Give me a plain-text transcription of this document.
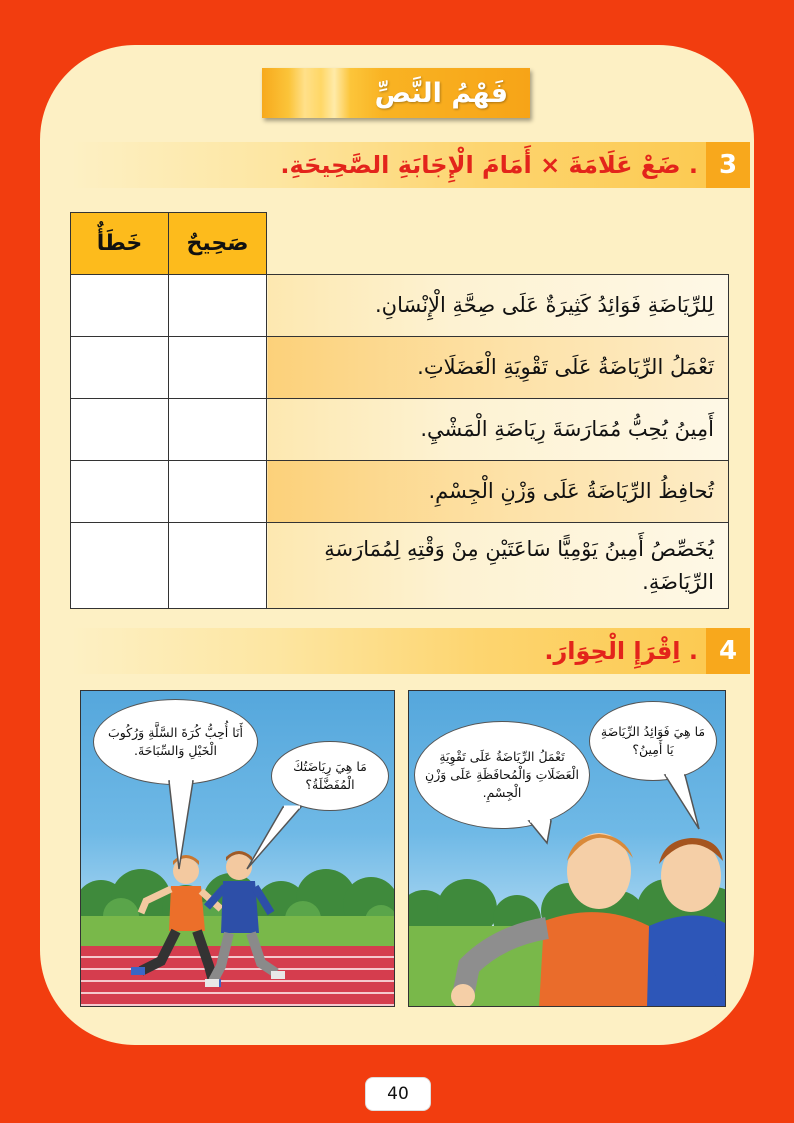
فَهْمُ النَّصِّ
. ضَعْ عَلَامَةَ × أَمَامَ الْإِجَابَةِ الصَّحِيحَةِ. 3
خَطَأٌ	صَحِيحٌ	
		لِلرِّيَاضَةِ فَوَائِدُ كَثِيرَةٌ عَلَى صِحَّةِ الْإِنْسَانِ.
		تَعْمَلُ الرِّيَاضَةُ عَلَى تَقْوِيَةِ الْعَضَلَاتِ.
		أَمِينُ يُحِبُّ مُمَارَسَةَ رِيَاضَةِ الْمَشْيِ.
		تُحافِظُ الرِّيَاضَةُ عَلَى وَزْنِ الْجِسْمِ.
		يُخَصِّصُ أَمِينُ يَوْمِيًّا سَاعَتَيْنِ مِنْ وَقْتِهِ لِمُمَارَسَةِ الرِّيَاضَةِ.
. اِقْرَإِ الْحِوَارَ. 4
أَنَا أُحِبُّ كُرَةَ السَّلَّةِ وَرُكُوبَ الْخَيْلِ وَالسِّبَاحَةَ.
مَا هِيَ رِيَاضَتُكَ الْمُفَضَّلَةُ؟
مَا هِيَ فَوَائِدُ الرِّيَاضَةِ يَا أَمِينُ؟
تَعْمَلُ الرِّيَاضَةُ عَلَى تَقْوِيَةِ الْعَضَلَاتِ وَالْمُحافَظَةِ عَلَى وَزْنِ الْجِسْمِ.
40
